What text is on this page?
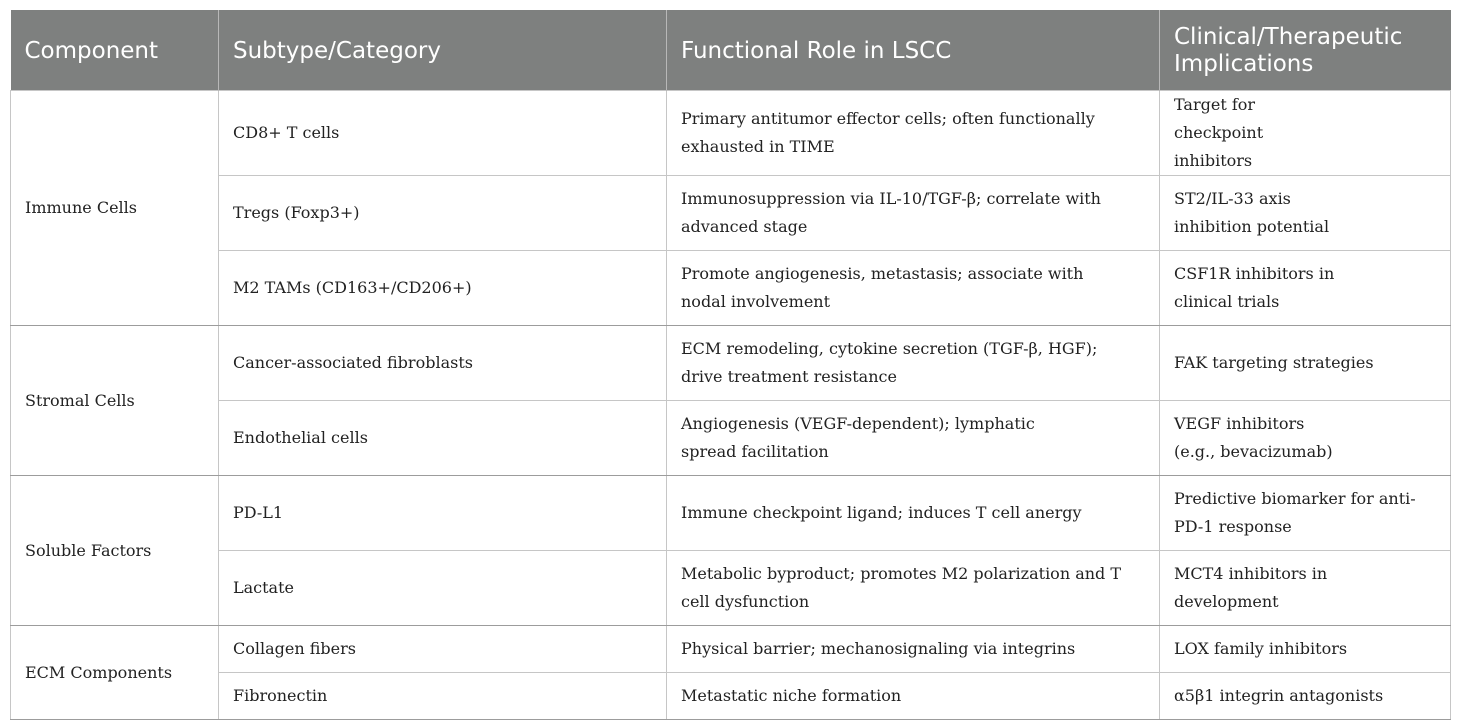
Component	Subtype/Category	Functional Role in LSCC	Clinical/Therapeutic Implications
Immune Cells	CD8+ T cells	Primary antitumor effector cells; often functionally exhausted in TIME	Target for checkpoint inhibitors
	Tregs (Foxp3+)	Immunosuppression via IL-10/TGF-β; correlate with advanced stage	ST2/IL-33 axis inhibition potential
	M2 TAMs (CD163+/CD206+)	Promote angiogenesis, metastasis; associate with nodal involvement	CSF1R inhibitors in clinical trials
Stromal Cells	Cancer-associated fibroblasts	ECM remodeling, cytokine secretion (TGF-β, HGF); drive treatment resistance	FAK targeting strategies
	Endothelial cells	Angiogenesis (VEGF-dependent); lymphatic spread facilitation	VEGF inhibitors (e.g., bevacizumab)
Soluble Factors	PD-L1	Immune checkpoint ligand; induces T cell anergy	Predictive biomarker for anti-PD-1 response
	Lactate	Metabolic byproduct; promotes M2 polarization and T cell dysfunction	MCT4 inhibitors in development
ECM Components	Collagen fibers	Physical barrier; mechanosignaling via integrins	LOX family inhibitors
	Fibronectin	Metastatic niche formation	α5β1 integrin antagonists
